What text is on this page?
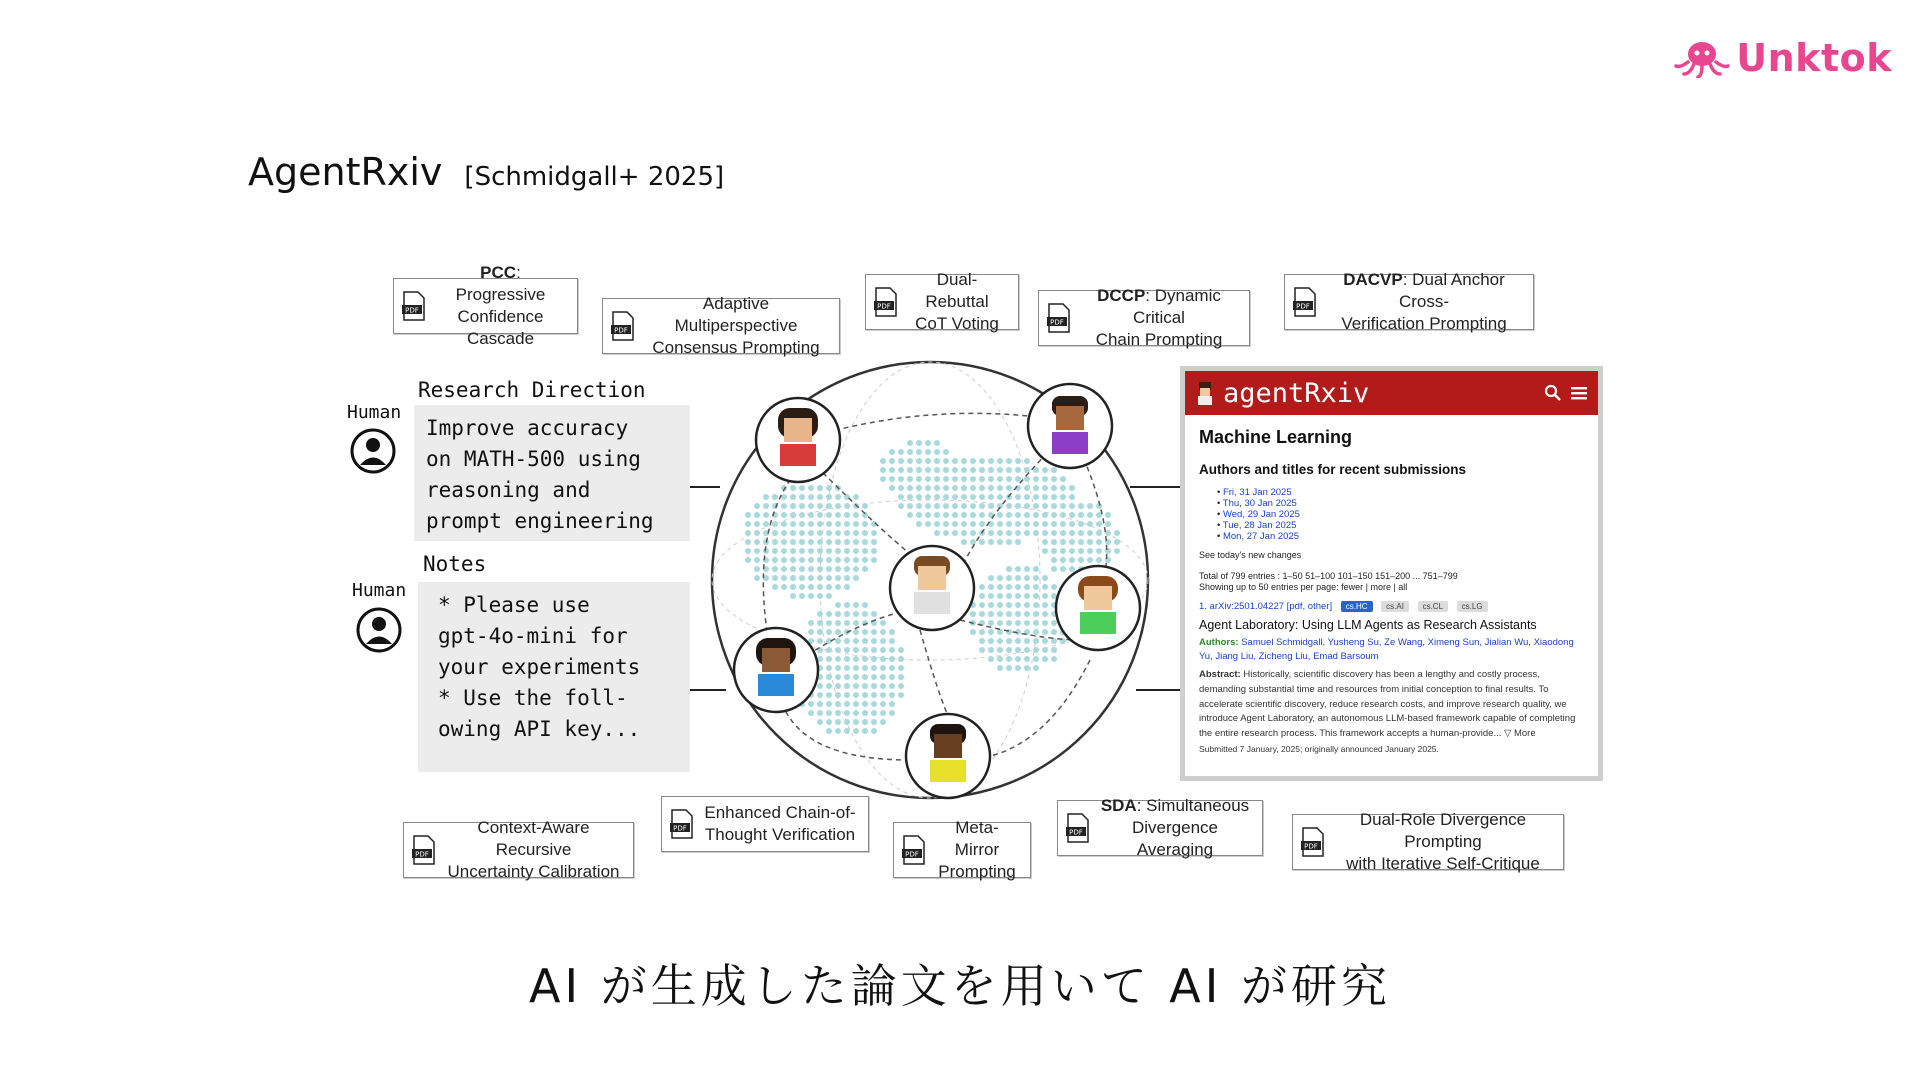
Unktok
AgentRxiv [Schmidgall+ 2025]
PDF
PCC: Progressive
Confidence Cascade	PDF
Adaptive Multiperspective
Consensus Prompting
PDF
Dual-Rebuttal
CoT Voting	PDF
DCCP: Dynamic Critical
Chain Prompting
PDF
DACVP: Dual Anchor Cross-
Verification Prompting
PDF
Context-Aware Recursive
Uncertainty Calibration
PDF
Enhanced Chain-of-
Thought Verification
PDF
Meta-Mirror
Prompting
PDF
SDA: Simultaneous
Divergence Averaging	PDF
Dual-Role Divergence Prompting
with Iterative Self-Critique
Human
Research Direction
Improve accuracy
on MATH-500 using
reasoning and
prompt engineering
Human
Notes
* Please use
gpt-4o-mini for
your experiments
* Use the foll-
owing API key...
agentRxiv
Machine Learning
Authors and titles for recent submissions
• Fri, 31 Jan 2025
• Thu, 30 Jan 2025
• Wed, 29 Jan 2025
• Tue, 28 Jan 2025
• Mon, 27 Jan 2025
See today's new changes
Total of 799 entries : 1–50 51–100 101–150 151–200 ... 751–799
Showing up to 50 entries per page: fewer | more | all
1. arXiv:2501.04227 [pdf, other] cs.HC cs.AI cs.CL cs.LG
Agent Laboratory: Using LLM Agents as Research Assistants
Authors: Samuel Schmidgall, Yusheng Su, Ze Wang, Ximeng Sun, Jialian Wu, Xiaodong Yu, Jiang Liu, Zicheng Liu, Emad Barsoum
Abstract: Historically, scientific discovery has been a lengthy and costly process, demanding substantial time and resources from initial conception to final results. To accelerate scientific discovery, reduce research costs, and improve research quality, we introduce Agent Laboratory, an autonomous LLM-based framework capable of completing the entire research process. This framework accepts a human-provide... ▽ More
Submitted 7 January, 2025; originally announced January 2025.
AI が生成した論文を用いて AI が研究
